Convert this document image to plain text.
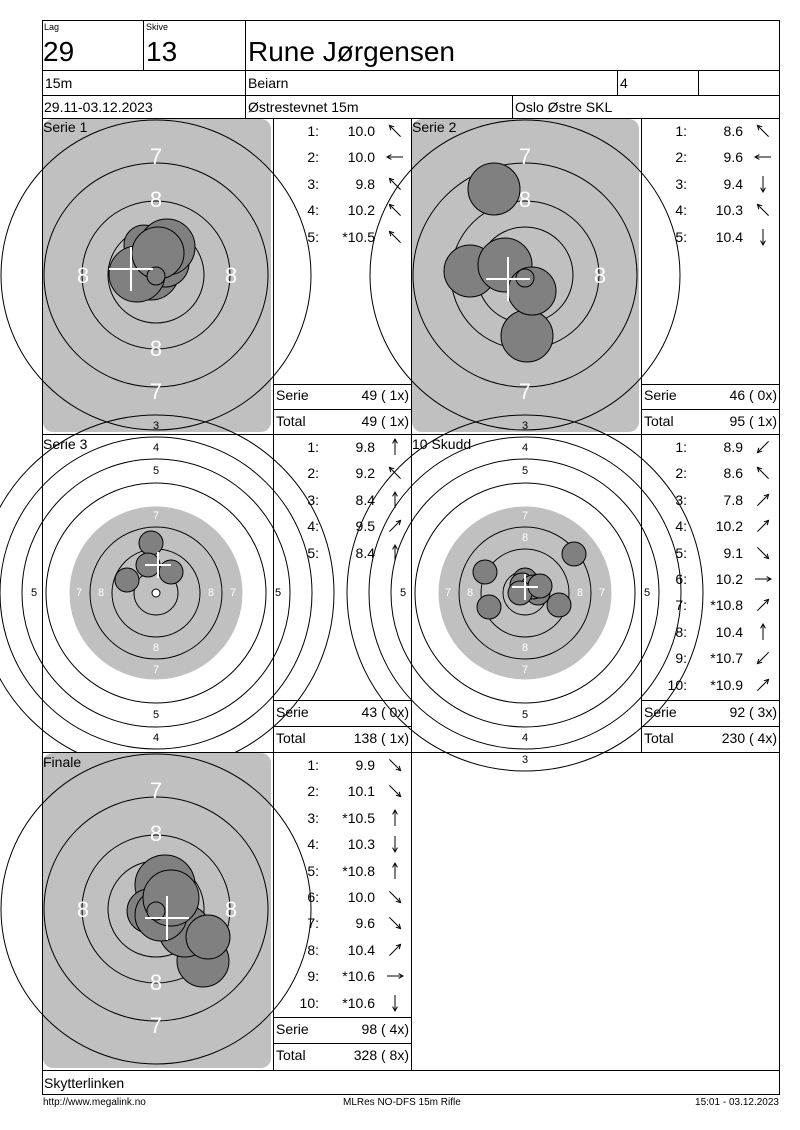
Lag
29
Skive
13	Rune Jørgensen
15m	Beiarn	4
29.11-03.12.2023	Østrestevnet 15m	Oslo Østre SKL
7
8
8	8
8
7
7
8
8
7
3
4
4
5
5
5	5
6
6
6	6
7
7
7	7
8
8	8
3
3
4
4
5
5
5	5
6
6
6	6
7
7
7	7
8
8
8	8
7
8
8	8
8
7
Serie 1	Serie 2
Serie 3	10 Skudd
Finale
1:	10.0
2:	10.0
3:	9.8
4:	10.2
5:	*10.5
1:	8.6
2:	9.6
3:	9.4
4:	10.3
5:	10.4
1:	9.8
2:	9.2
3:	8.4
4:	9.5
5:	8.4
1:	8.9
2:	8.6
3:	7.8
4:	10.2
5:	9.1
6:	10.2
7:	*10.8
8:	10.4
9:	*10.7
10:	*10.9
1:	9.9
2:	10.1
3:	*10.5
4:	10.3
5:	*10.8
6:	10.0
7:	9.6
8:	10.4
9:	*10.6
10:	*10.6
Serie	49 ( 1x)
Total	49 ( 1x)
Serie	46 ( 0x)
Total	95 ( 1x)
Serie	43 ( 0x)
Total	138 ( 1x)
Serie	92 ( 3x)
Total	230 ( 4x)
Serie	98 ( 4x)
Total	328 ( 8x)
Skytterlinken
http://www.megalink.no	MLRes NO-DFS 15m Rifle	15:01 - 03.12.2023
